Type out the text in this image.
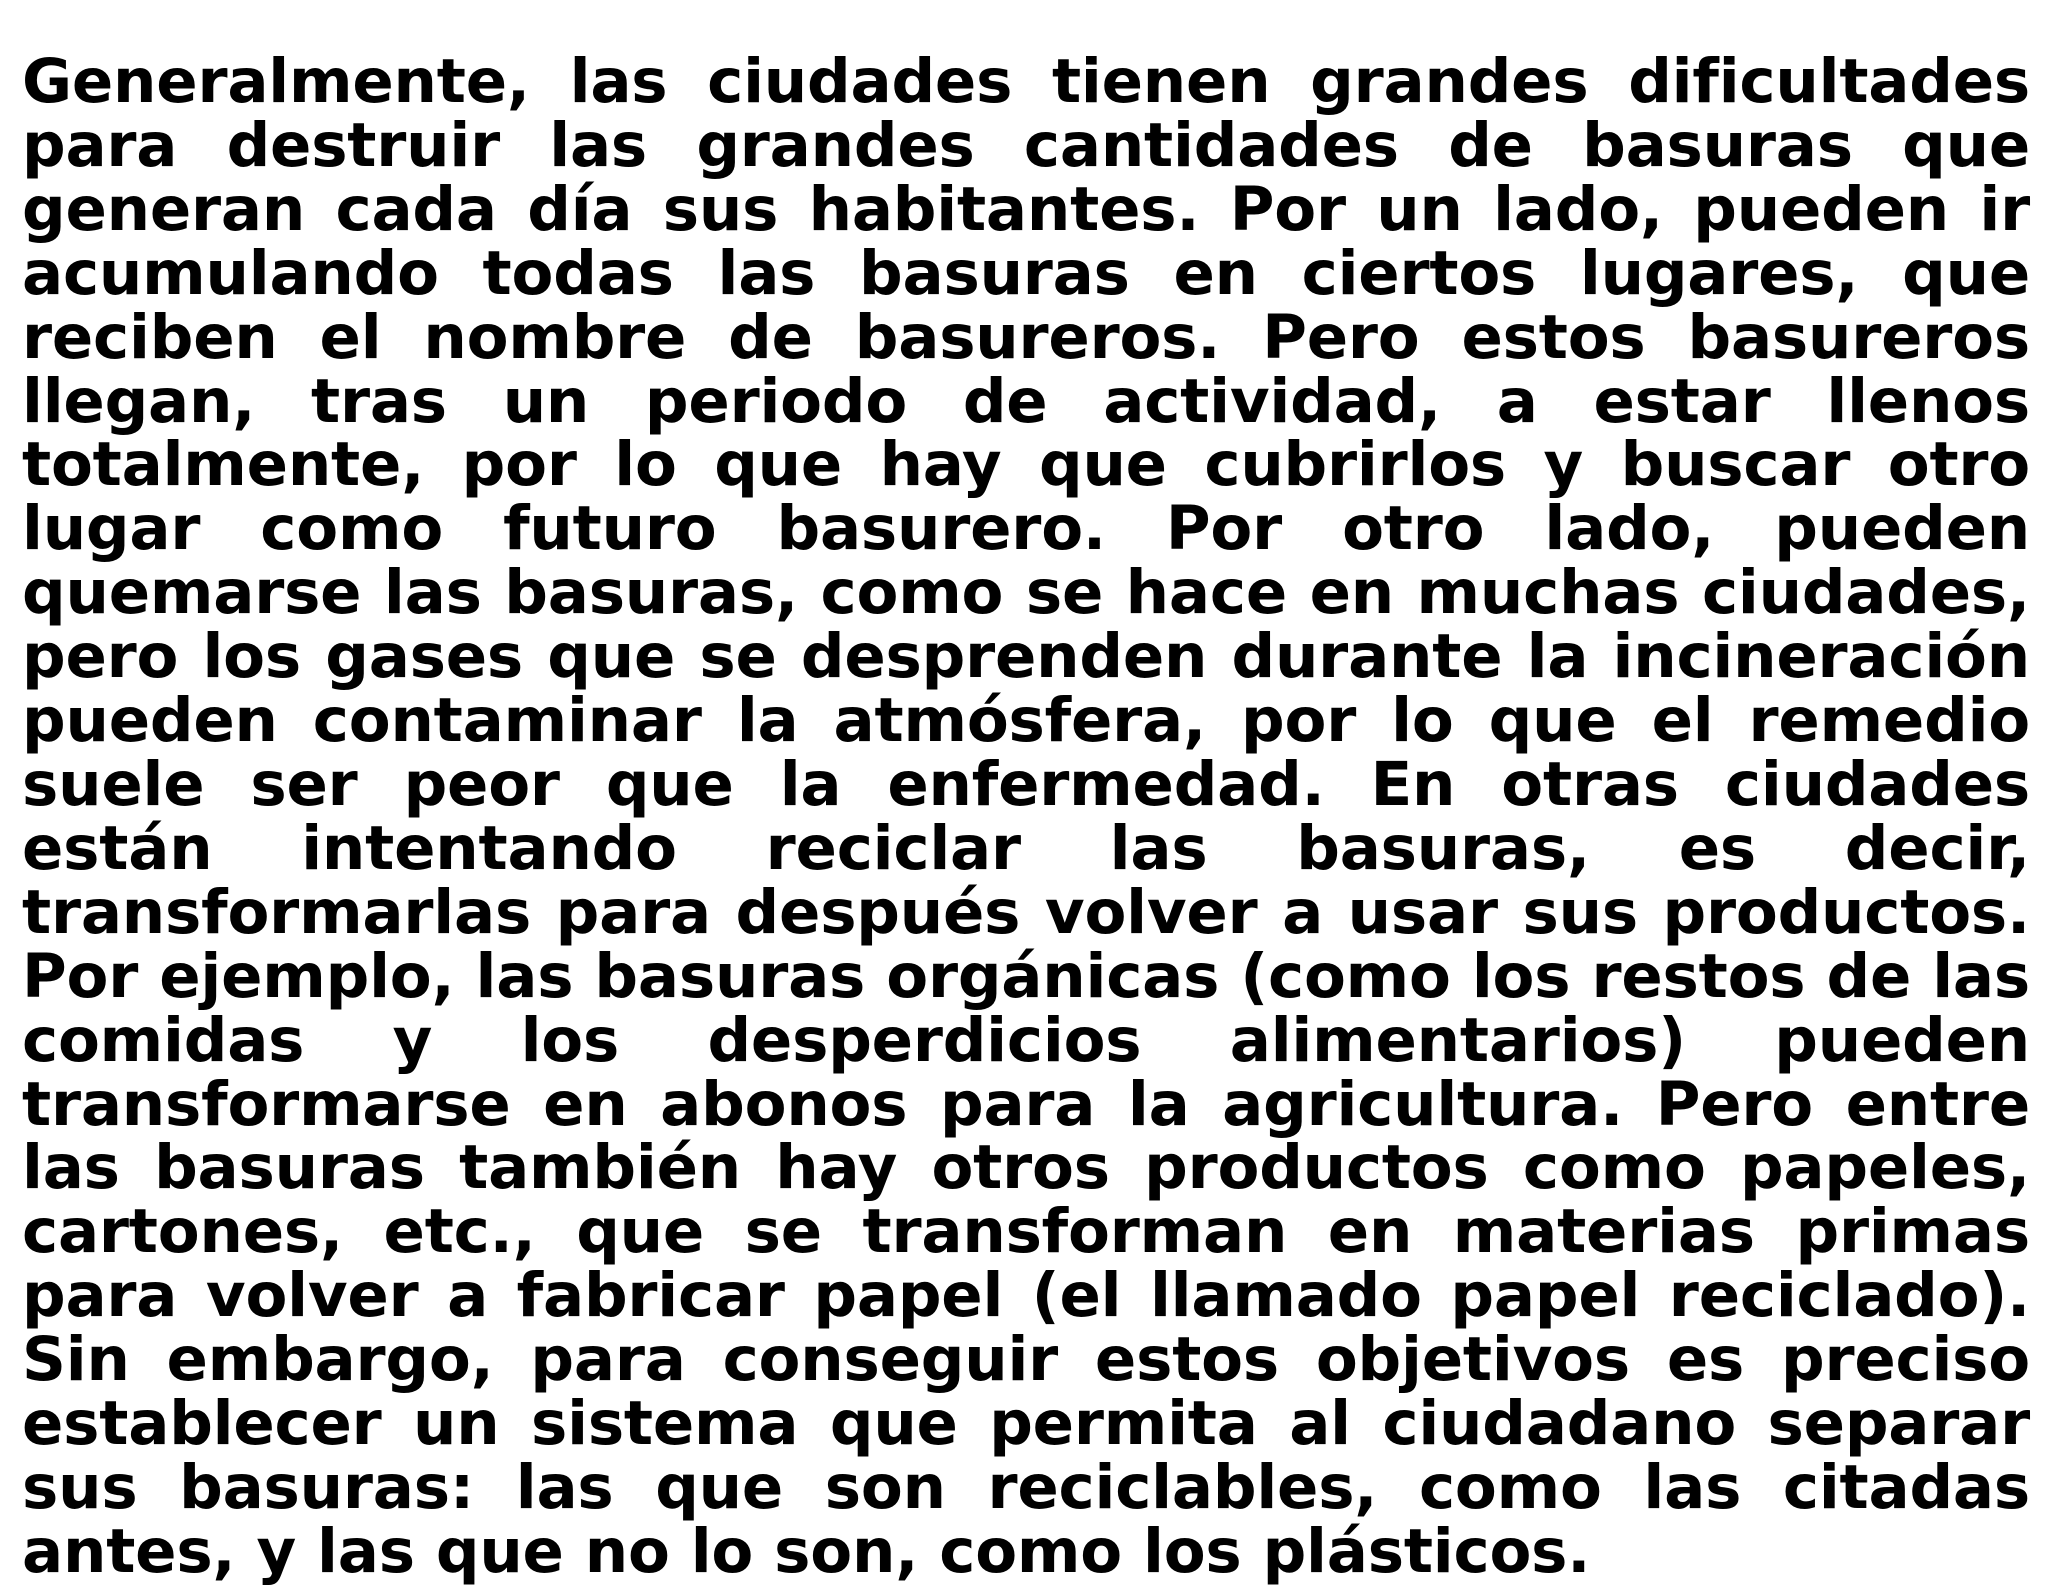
Generalmente, las ciudades tienen grandes dificultades para destruir las grandes cantidades de basuras que generan cada día sus habitantes. Por un lado, pueden ir acumulando todas las basuras en ciertos lugares, que reciben el nombre de basureros. Pero estos basureros llegan, tras un periodo de actividad, a estar llenos totalmente, por lo que hay que cubrirlos y buscar otro lugar como futuro basurero. Por otro lado, pueden quemarse las basuras, como se hace en muchas ciudades, pero los gases que se desprenden durante la incineración pueden contaminar la atmósfera, por lo que el remedio suele ser peor que la enfermedad. En otras ciudades están intentando reciclar las basuras, es decir, transformarlas para después volver a usar sus productos. Por ejemplo, las basuras orgánicas (como los restos de las comidas y los desperdicios alimentarios) pueden transformarse en abonos para la agricultura. Pero entre las basuras también hay otros productos como papeles, cartones, etc., que se transforman en materias primas para volver a fabricar papel (el llamado papel reciclado). Sin embargo, para conseguir estos objetivos es preciso establecer un sistema que permita al ciudadano separar sus basuras: las que son reciclables, como las citadas antes, y las que no lo son, como los plásticos.
